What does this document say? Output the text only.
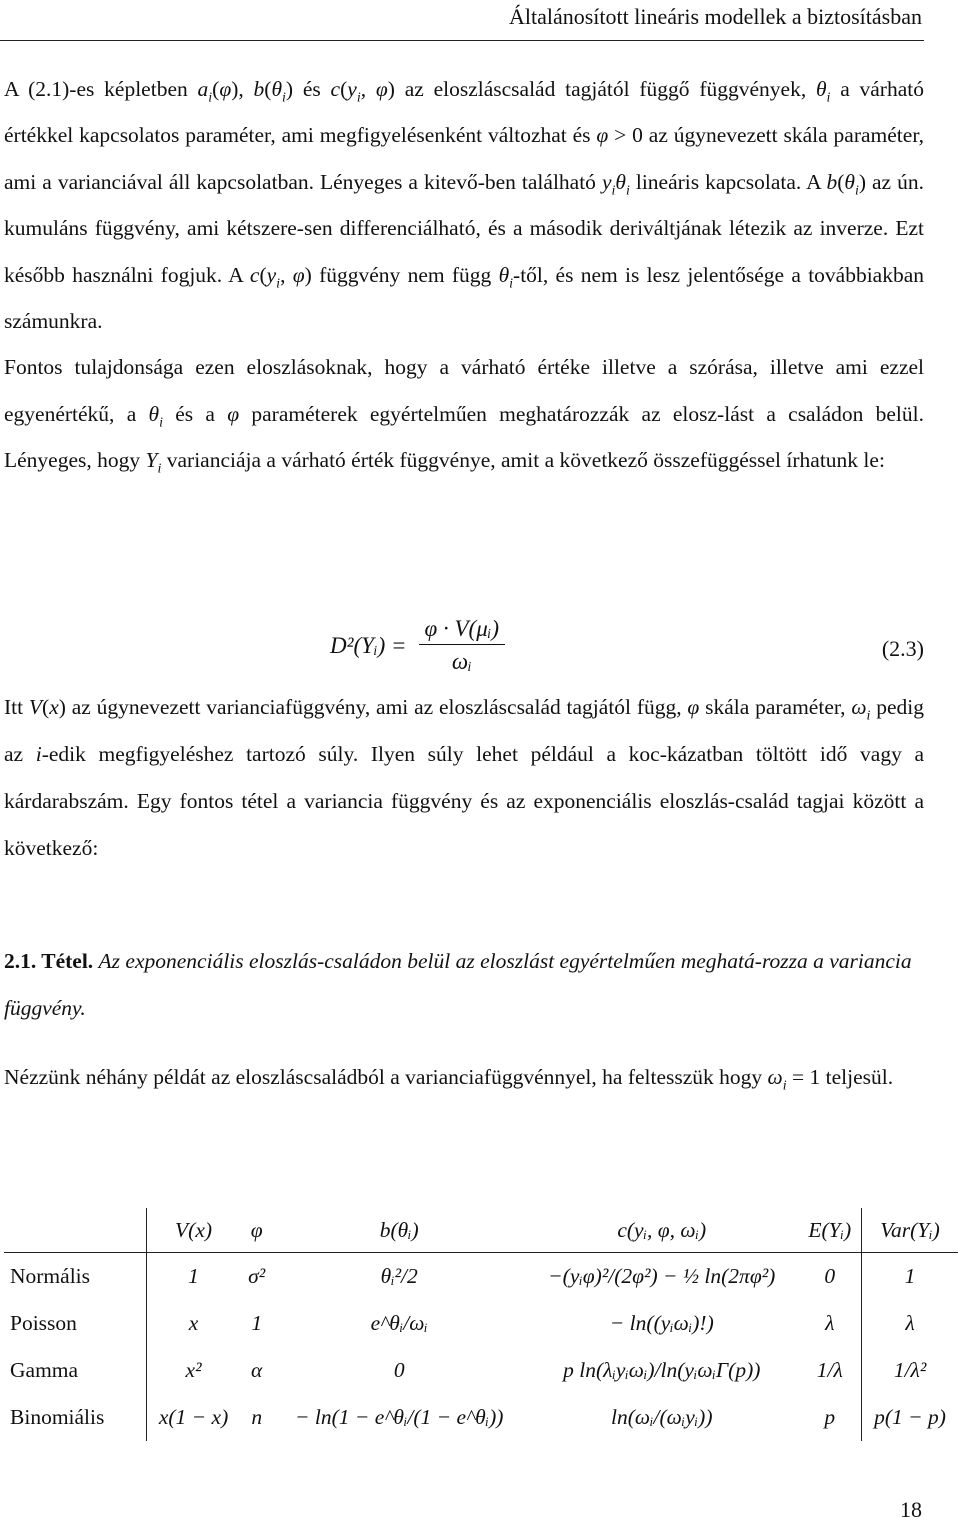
Általánosított lineáris modellek a biztosításban

A (2.1)-es képletben $a_i(\varphi)$, $b(\theta_i)$ és $c(y_i$, φ) az eloszláscsalád tagjától függő függvények, $\theta_i$ a várható értékkel kapcsolatos paraméter, ami megfigyelésenként változhat és φ > 0 az úgynevezett skála paraméter, ami a varianciával áll kapcsolatban. Lényeges a kitevő-ben található $y_i\theta_i$ lineáris kapcsolata. A $b(\theta_i)$ az ún. kumuláns függvény, ami kétszere-sen differenciálható, és a második deriváltjának létezik az inverze. Ezt később használni fogjuk. A $c(y_i$, φ) függvény nem függ $\theta_i$-től, és nem is lesz jelentősége a továbbiakban számunkra.

Fontos tulajdonsága ezen eloszlásoknak, hogy a várható értéke illetve a szórása, illetve ami ezzel egyenértékű, a $\theta_i$ és a φ paraméterek egyértelműen meghatározzák az elosz-lást a családon belül. Lényeges, hogy $Y_i$ varianciája a várható érték függvénye, amit a következő összefüggéssel írhatunk le:

D²(Yᵢ) = $\frac{\text{φ · V(μᵢ)}}{\text{ωᵢ}}$	(2.3)

Itt V(x) az úgynevezett varianciafüggvény, ami az eloszláscsalád tagjától függ, φ skála paraméter, $\omega_i$ pedig az i-edik megfigyeléshez tartozó súly. Ilyen súly lehet például a koc-kázatban töltött idő vagy a kárdarabszám. Egy fontos tétel a variancia függvény és az exponenciális eloszlás-család tagjai között a következő:

2.1. Tétel. Az exponenciális eloszlás-családon belül az eloszlást egyértelműen meghatá-rozza a variancia függvény.

Nézzünk néhány példát az eloszláscsaládból a varianciafüggvénnyel, ha feltesszük hogy $\omega_i = 1$ teljesül.

	V(x)	φ	b(θᵢ)	c(yᵢ, φ, ωᵢ)	E(Yᵢ)	Var(Yᵢ)
Normális	1	σ²	θᵢ²/2	−(yᵢφ)²/(2φ²) − ½ ln(2πφ²)	0	1
Poisson	x	1	e^θᵢ/ωᵢ	− ln((yᵢωᵢ)!)	λ	λ
Gamma	x²	α	0	p ln(λᵢyᵢωᵢ)/ln(yᵢωᵢΓ(p))	1/λ	1/λ²
Binomiális	x(1 − x)	n	− ln(1 − e^θᵢ/(1 − e^θᵢ))	ln(ωᵢ/(ωᵢyᵢ))	p	p(1 − p)
18
